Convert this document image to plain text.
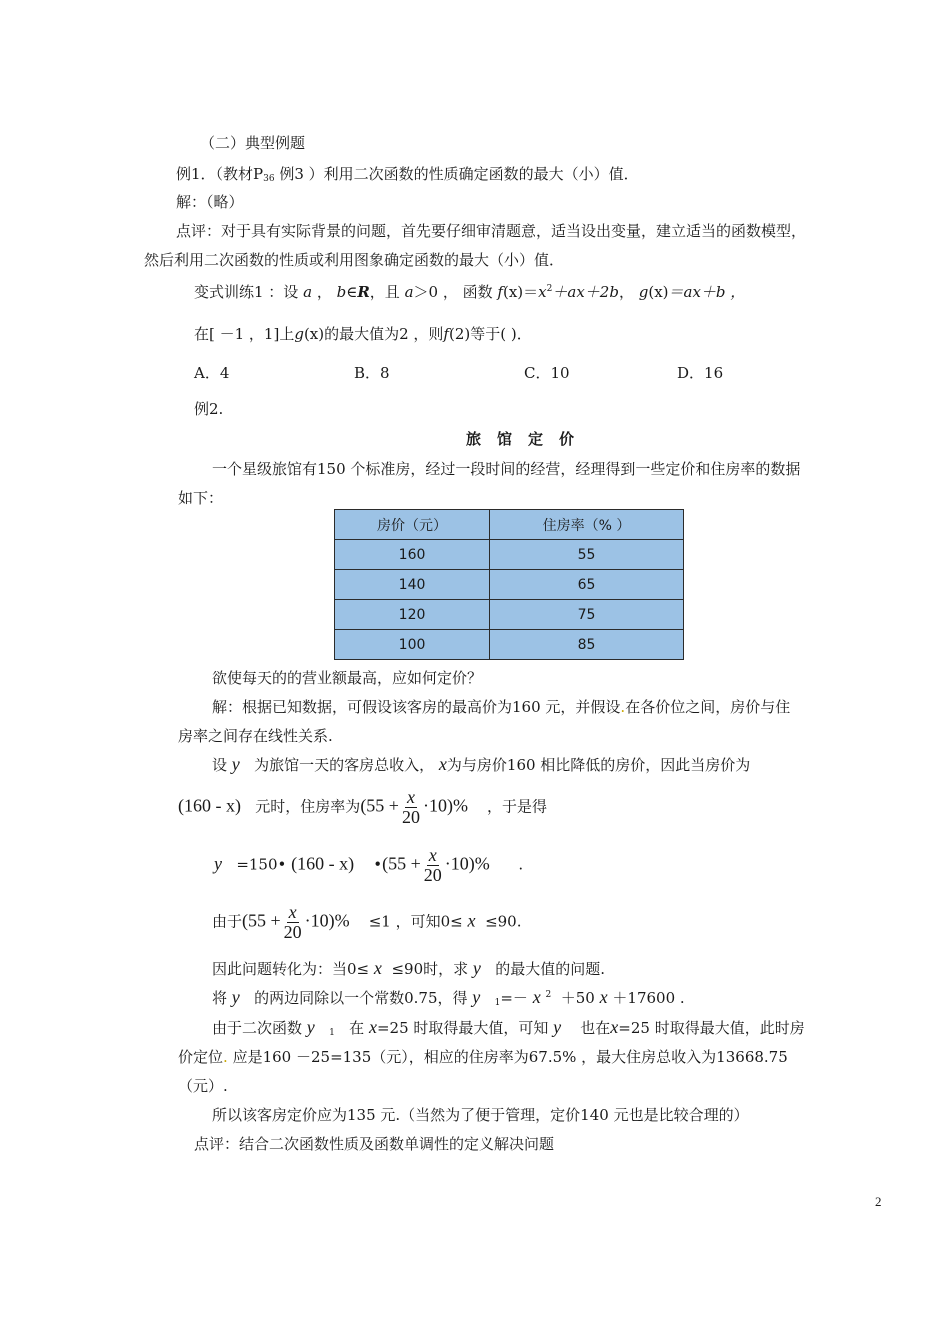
（二）典型例题
例1．（教材$P_{36}$ 例3 ）利用二次函数的性质确定函数的最大（小）值．
解：（略）
点评：对于具有实际背景的问题，首先要仔细审清题意，适当设出变量，建立适当的函数模型，
然后利用二次函数的性质或利用图象确定函数的最大（小）值．
变式训练1 ：设 a ， b∈R，且 a＞0 ， 函数 $f(x)=x^2+ax+2b$， g(x)＝ax＋b ，
在[ －1 ，1]上g(x)的最大值为2 ，则f(2)等于( )．
A．4	B．8	C．10	D．16
例2.
旅馆定价
一个星级旅馆有150 个标准房，经过一段时间的经营，经理得到一些定价和住房率的数据
如下：
房价（元）	住房率（% ）
160	55
140	65
120	75
100	85
欲使每天的的营业额最高，应如何定价？
解：根据已知数据，可假设该客房的最高价为160 元，并假设.在各价位之间，房价与住
房率之间存在线性关系.
设 y 为旅馆一天的客房总收入， x为与房价160 相比降低的房价，因此当房价为
(160 - x) 元时，住房率为$(55 + \frac{x}{20} \cdot 10)\%$ ，于是得
y =150• (160 - x) •(55 + $\frac{x}{20} \cdot 10)\%$ .
由于$(55 + \frac{x}{20} \cdot 10)\% \le 1$ ，可知0≤ x ≤90.
因此问题转化为：当0≤ x ≤90时，求 y 的最大值的问题.
将 y 的两边同除以一个常数0.75，得 y $_1$=－ x $^2$ ＋50 x ＋17600 .
由于二次函数 y $_1$ 在 x=25 时取得最大值，可知 y 也在x=25 时取得最大值，此时房
价定位. 应是160 －25=135（元），相应的住房率为67.5% ，最大住房总收入为13668.75
（元）.
所以该客房定价应为135 元.（当然为了便于管理，定价140 元也是比较合理的）
点评：结合二次函数性质及函数单调性的定义解决问题
2
